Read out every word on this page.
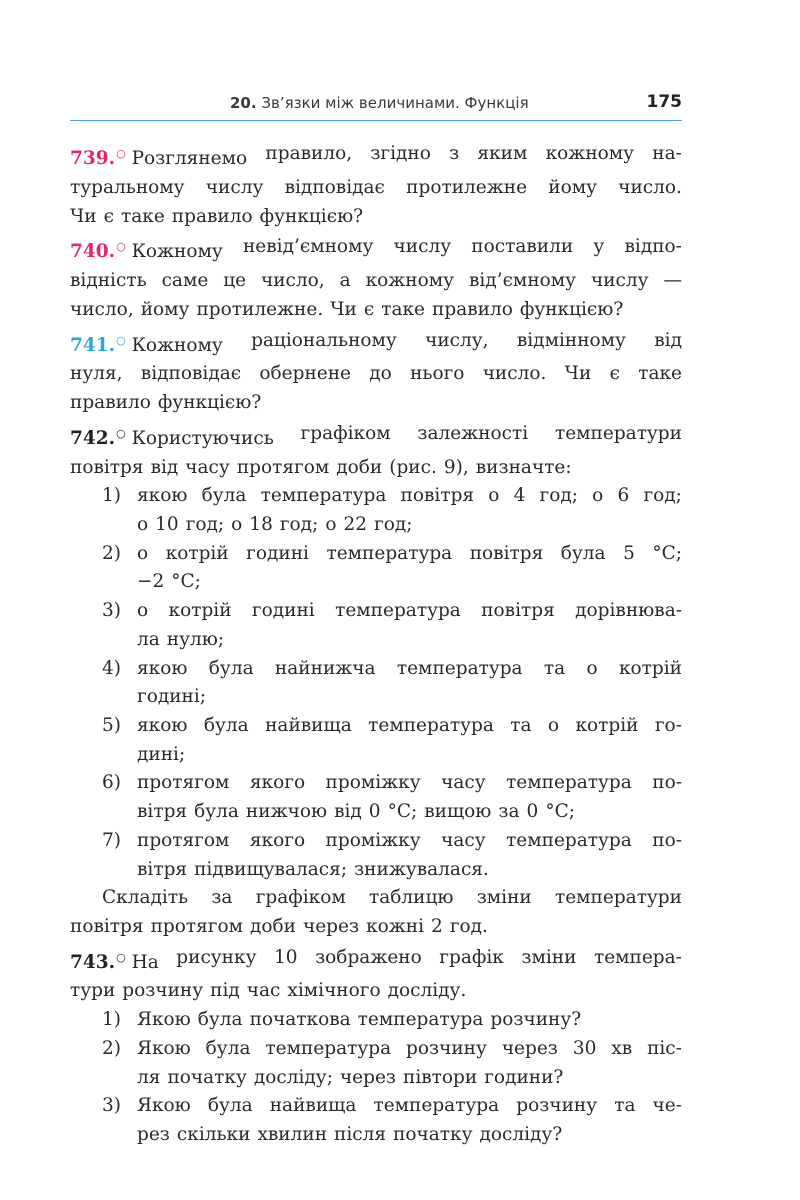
20. Зв’язки між величинами. Функція	175
739.○ Розглянемо правило, згідно з яким кожному на-
туральному числу відповідає протилежне йому число.
Чи є таке правило функцією?
740.○ Кожному невід’ємному числу поставили у відпо-
відність саме це число, а кожному від’ємному числу —
число, йому протилежне. Чи є таке правило функцією?
741.○ Кожному раціональному числу, відмінному від
нуля, відповідає обернене до нього число. Чи є таке
правило функцією?
742.○ Користуючись графіком залежності температури
повітря від часу протягом доби (рис. 9), визначте:
1) якою була температура повітря о 4 год; о 6 год;
о 10 год; о 18 год; о 22 год;
2) о котрій годині температура повітря була 5 °С;
−2 °С;
3) о котрій годині температура повітря дорівнюва-
ла нулю;
4) якою була найнижча температура та о котрій
годині;
5) якою була найвища температура та о котрій го-
дині;
6) протягом якого проміжку часу температура по-
вітря була нижчою від 0 °С; вищою за 0 °С;
7) протягом якого проміжку часу температура по-
вітря підвищувалася; знижувалася.
Складіть за графіком таблицю зміни температури
повітря протягом доби через кожні 2 год.
743.○ На рисунку 10 зображено графік зміни темпера-
тури розчину під час хімічного досліду.
1) Якою була початкова температура розчину?
2) Якою була температура розчину через 30 хв піс-
ля початку досліду; через півтори години?
3) Якою була найвища температура розчину та че-
рез скільки хвилин після початку досліду?
